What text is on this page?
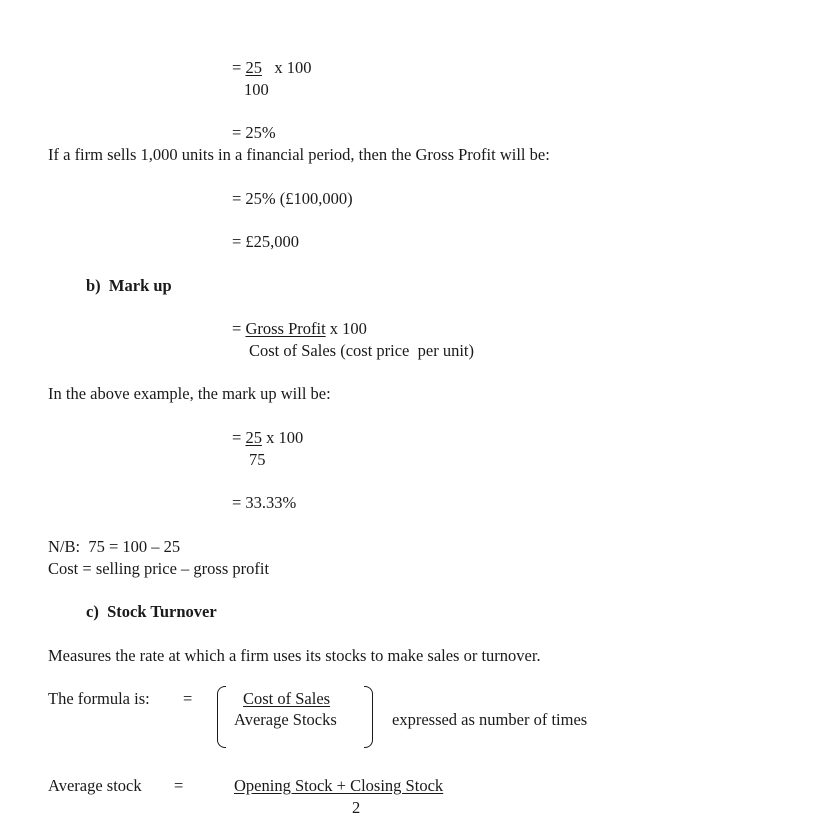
= 25 x 100
100
= 25%
If a firm sells 1,000 units in a financial period, then the Gross Profit will be:
= 25% (£100,000)
= £25,000
b) Mark up
= Gross Profit x 100
Cost of Sales (cost price  per unit)
In the above example, the mark up will be:
= 25 x 100
75
= 33.33%
N/B:  75 = 100 – 25
Cost = selling price – gross profit
c) Stock Turnover
Measures the rate at which a firm uses its stocks to make sales or turnover.
The formula is: =	Cost of Sales
Average Stocks	expressed as number of times
Average stock =	Opening Stock + Closing Stock
2
